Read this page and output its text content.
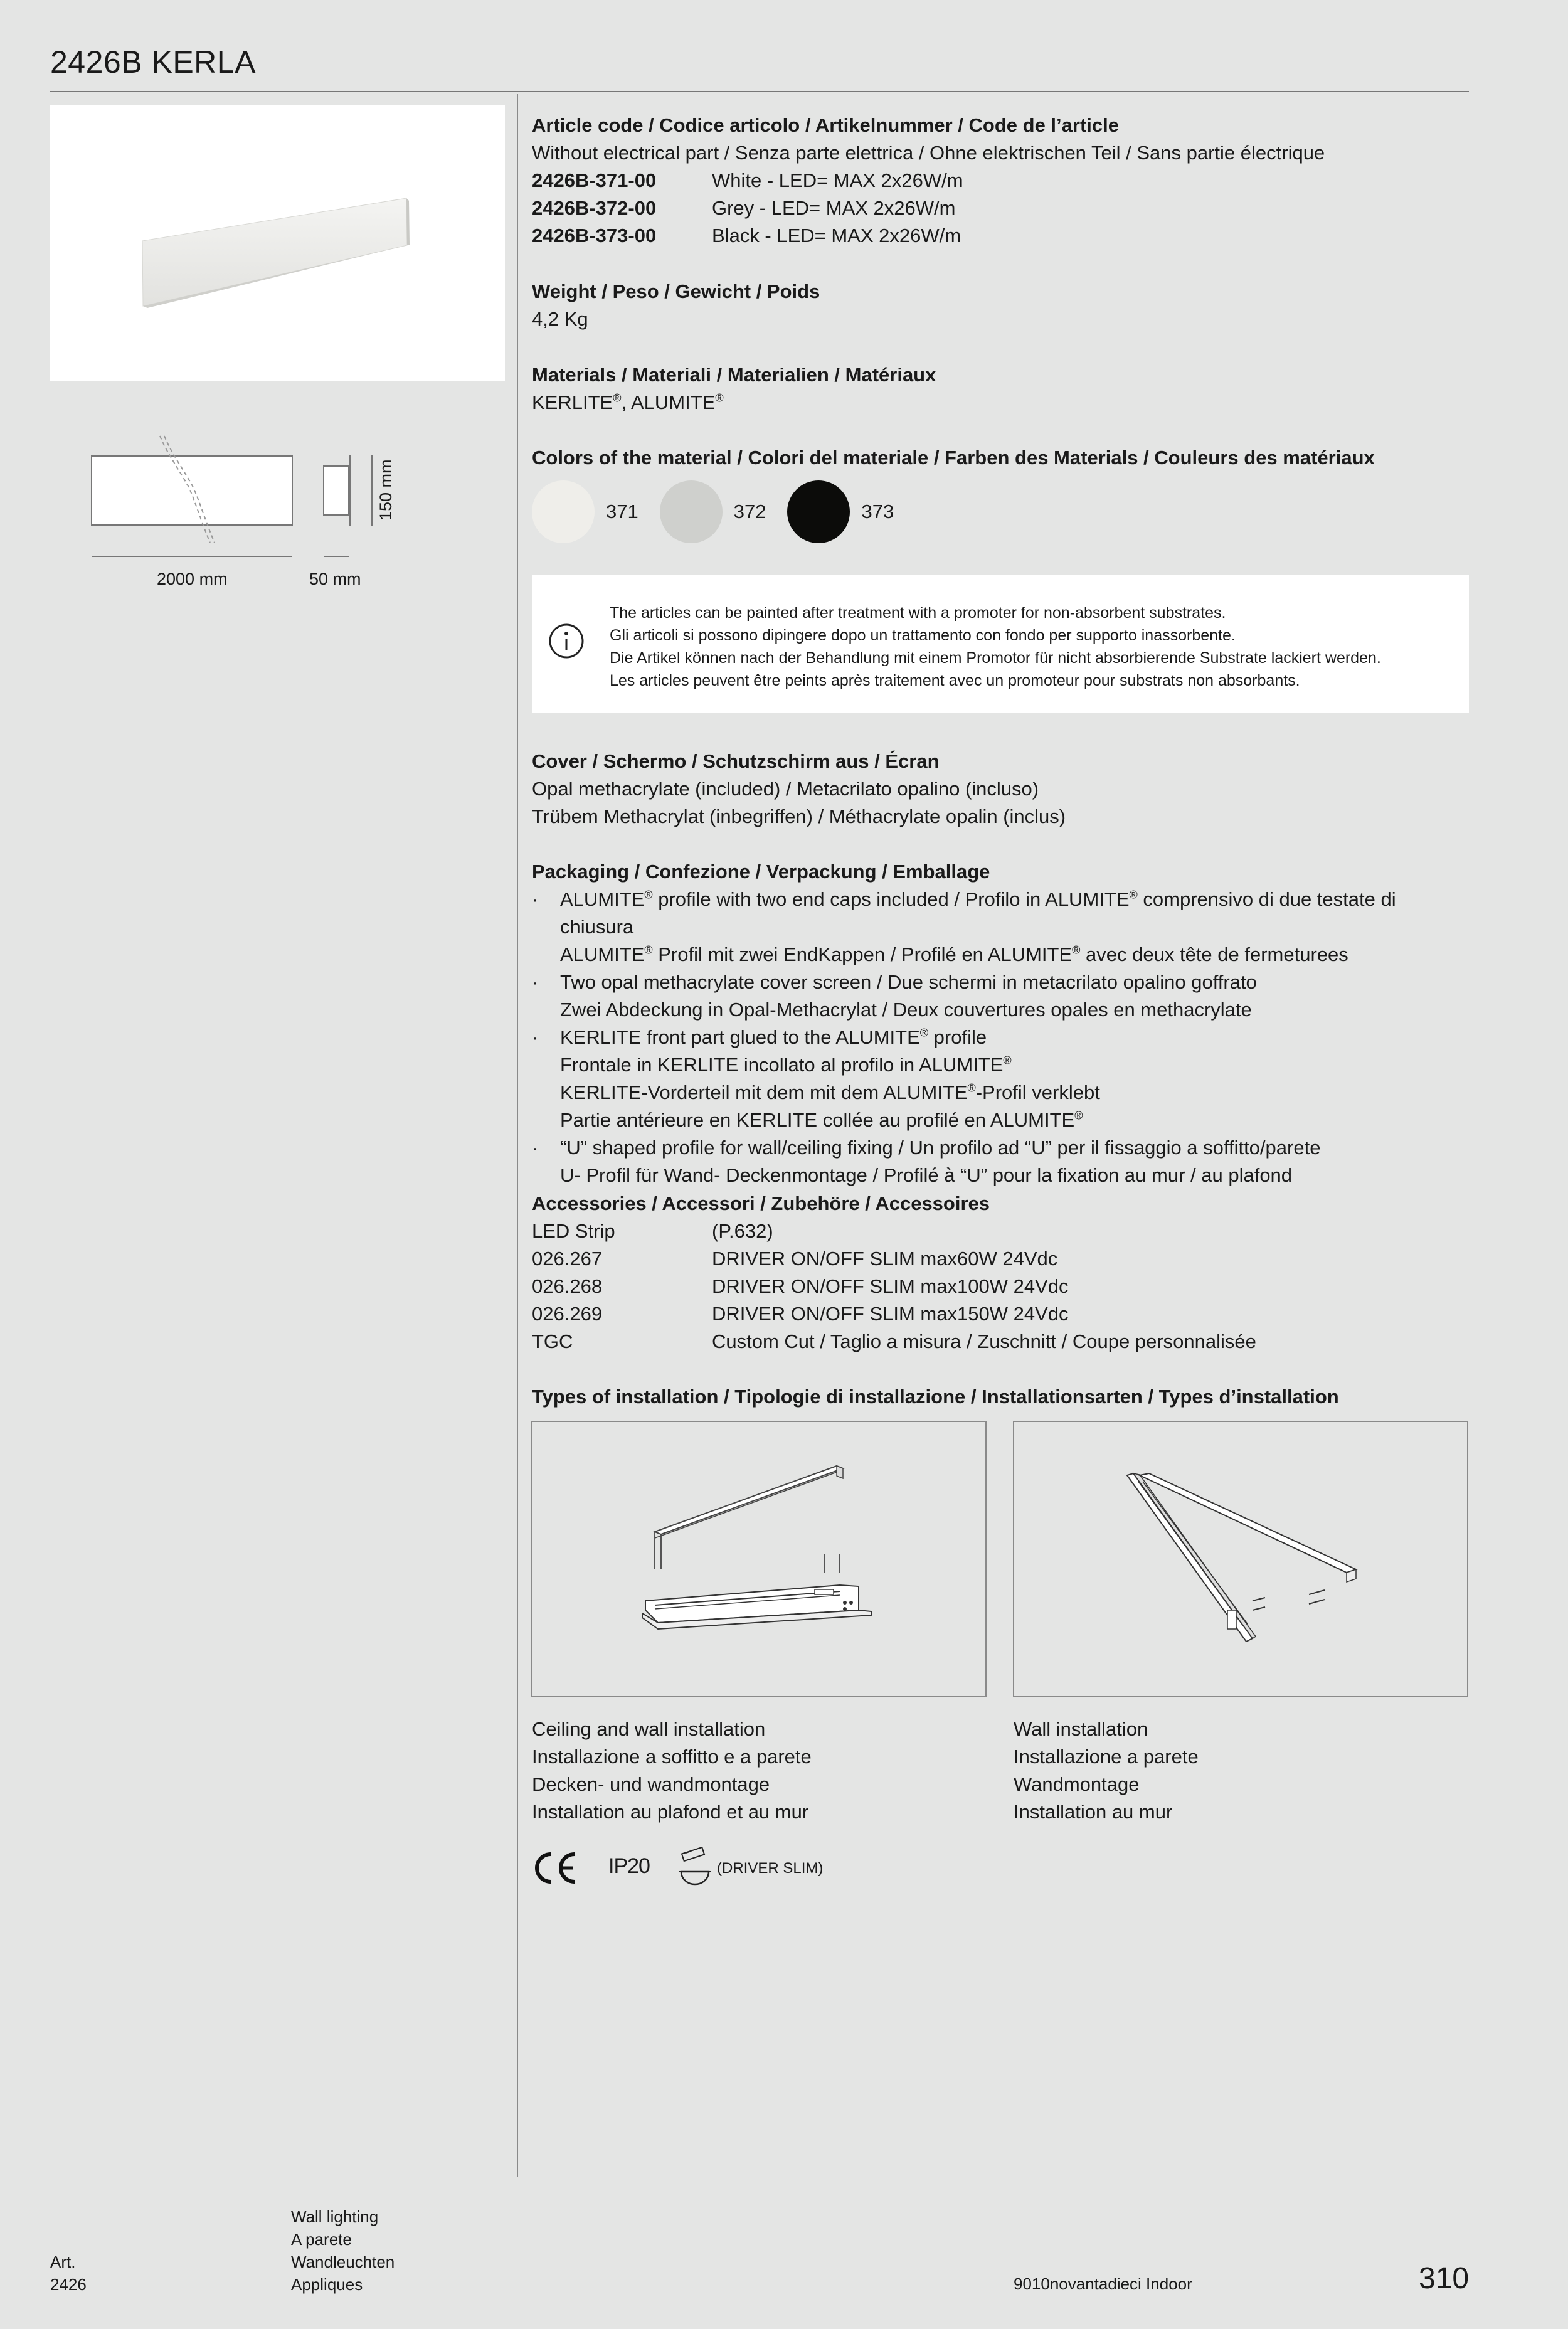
2426B KERLA
2000 mm	50 mm
150 mm
Article code / Codice articolo / Artikelnummer / Code de l’article
Without electrical part / Senza parte elettrica / Ohne elektrischen Teil / Sans partie électrique
2426B-371-00	White - LED= MAX 2x26W/m
2426B-372-00	Grey - LED= MAX 2x26W/m
2426B-373-00	Black - LED= MAX 2x26W/m
Weight / Peso / Gewicht / Poids
4,2 Kg
Materials / Materiali / Materialien / Matériaux
KERLITE®, ALUMITE®
Colors of the material / Colori del materiale / Farben des Materials / Couleurs des matériaux
371	372	373
The articles can be painted after treatment with a promoter for non-absorbent substrates.
Gli articoli si possono dipingere dopo un trattamento con fondo per supporto inassorbente.
Die Artikel können nach der Behandlung mit einem Promotor für nicht absorbierende Substrate lackiert werden.
Les articles peuvent être peints après traitement avec un promoteur pour substrats non absorbants.
Cover / Schermo / Schutzschirm aus / Écran
Opal methacrylate (included) / Metacrilato opalino (incluso)
Trübem Methacrylat (inbegriffen) / Méthacrylate opalin (inclus)
Packaging / Confezione / Verpackung / Emballage
·	ALUMITE® profile with two end caps included / Profilo in ALUMITE® comprensivo di due testate di chiusura
ALUMITE® Profil mit zwei EndKappen / Profilé en ALUMITE® avec deux tête de fermeturees
·	Two opal methacrylate cover screen / Due schermi in metacrilato opalino goffrato
Zwei Abdeckung in Opal-Methacrylat / Deux couvertures opales en methacrylate
·	KERLITE front part glued to the ALUMITE® profile
Frontale in KERLITE incollato al profilo in ALUMITE®
KERLITE-Vorderteil mit dem mit dem ALUMITE®-Profil verklebt
Partie antérieure en KERLITE collée au profilé en ALUMITE®
·	“U” shaped profile for wall/ceiling fixing / Un profilo ad “U” per il fissaggio a soffitto/parete
U- Profil für Wand- Deckenmontage / Profilé à “U” pour la fixation au mur / au plafond
Accessories / Accessori / Zubehöre / Accessoires
LED Strip	(P.632)
026.267	DRIVER ON/OFF SLIM max60W 24Vdc
026.268	DRIVER ON/OFF SLIM max100W 24Vdc
026.269	DRIVER ON/OFF SLIM max150W 24Vdc
TGC	Custom Cut / Taglio a misura / Zuschnitt / Coupe personnalisée
Types of installation / Tipologie di installazione / Installationsarten / Types d’installation
Ceiling and wall installation
Installazione a soffitto e a parete
Decken- und wandmontage
Installation au plafond et au mur
Wall installation
Installazione a parete
Wandmontage
Installation au mur
IP20	(DRIVER SLIM)
Art.
2426
Wall lighting
A parete
Wandleuchten
Appliques	9010novantadieci Indoor	310
